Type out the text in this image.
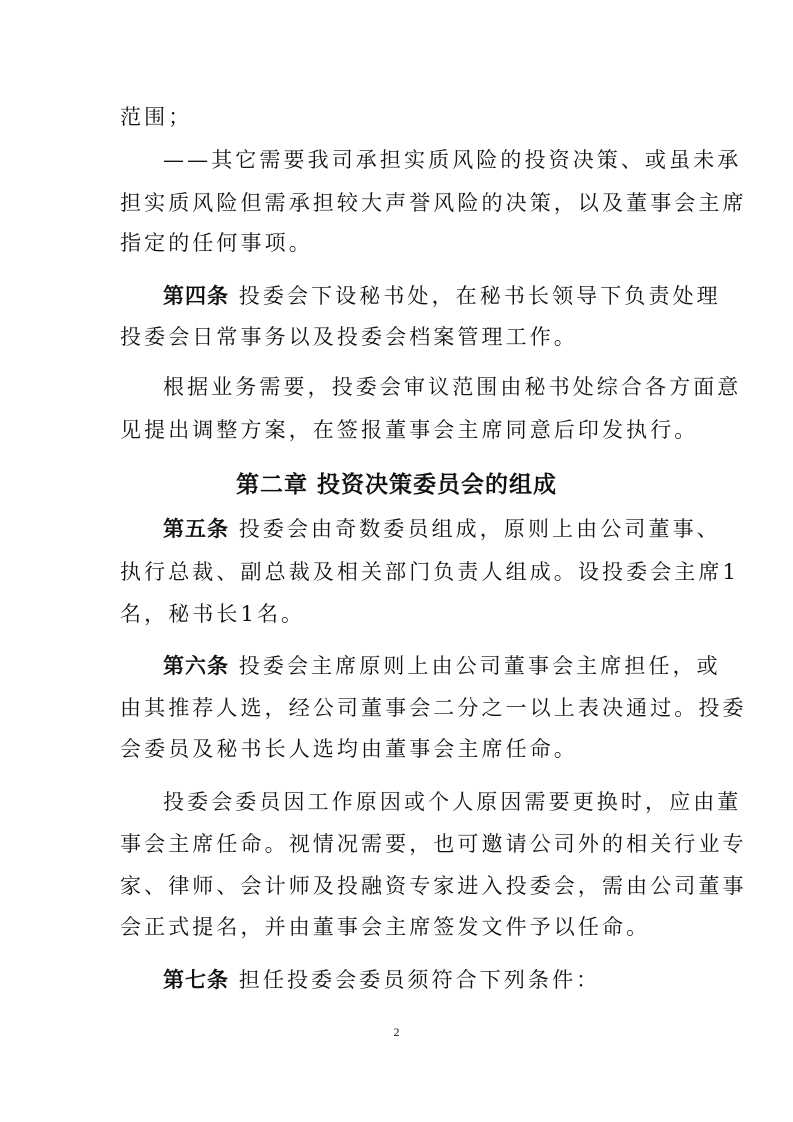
范围；
——其它需要我司承担实质风险的投资决策、或虽未承
担实质风险但需承担较大声誉风险的决策，以及董事会主席
指定的任何事项。
第四条 投委会下设秘书处，在秘书长领导下负责处理
投委会日常事务以及投委会档案管理工作。
根据业务需要，投委会审议范围由秘书处综合各方面意
见提出调整方案，在签报董事会主席同意后印发执行。
第二章 投资决策委员会的组成
第五条 投委会由奇数委员组成，原则上由公司董事、
执行总裁、副总裁及相关部门负责人组成。设投委会主席1
名，秘书长1名。
第六条 投委会主席原则上由公司董事会主席担任，或
由其推荐人选，经公司董事会二分之一以上表决通过。投委
会委员及秘书长人选均由董事会主席任命。
投委会委员因工作原因或个人原因需要更换时，应由董
事会主席任命。视情况需要，也可邀请公司外的相关行业专
家、律师、会计师及投融资专家进入投委会，需由公司董事
会正式提名，并由董事会主席签发文件予以任命。
第七条 担任投委会委员须符合下列条件：
2
